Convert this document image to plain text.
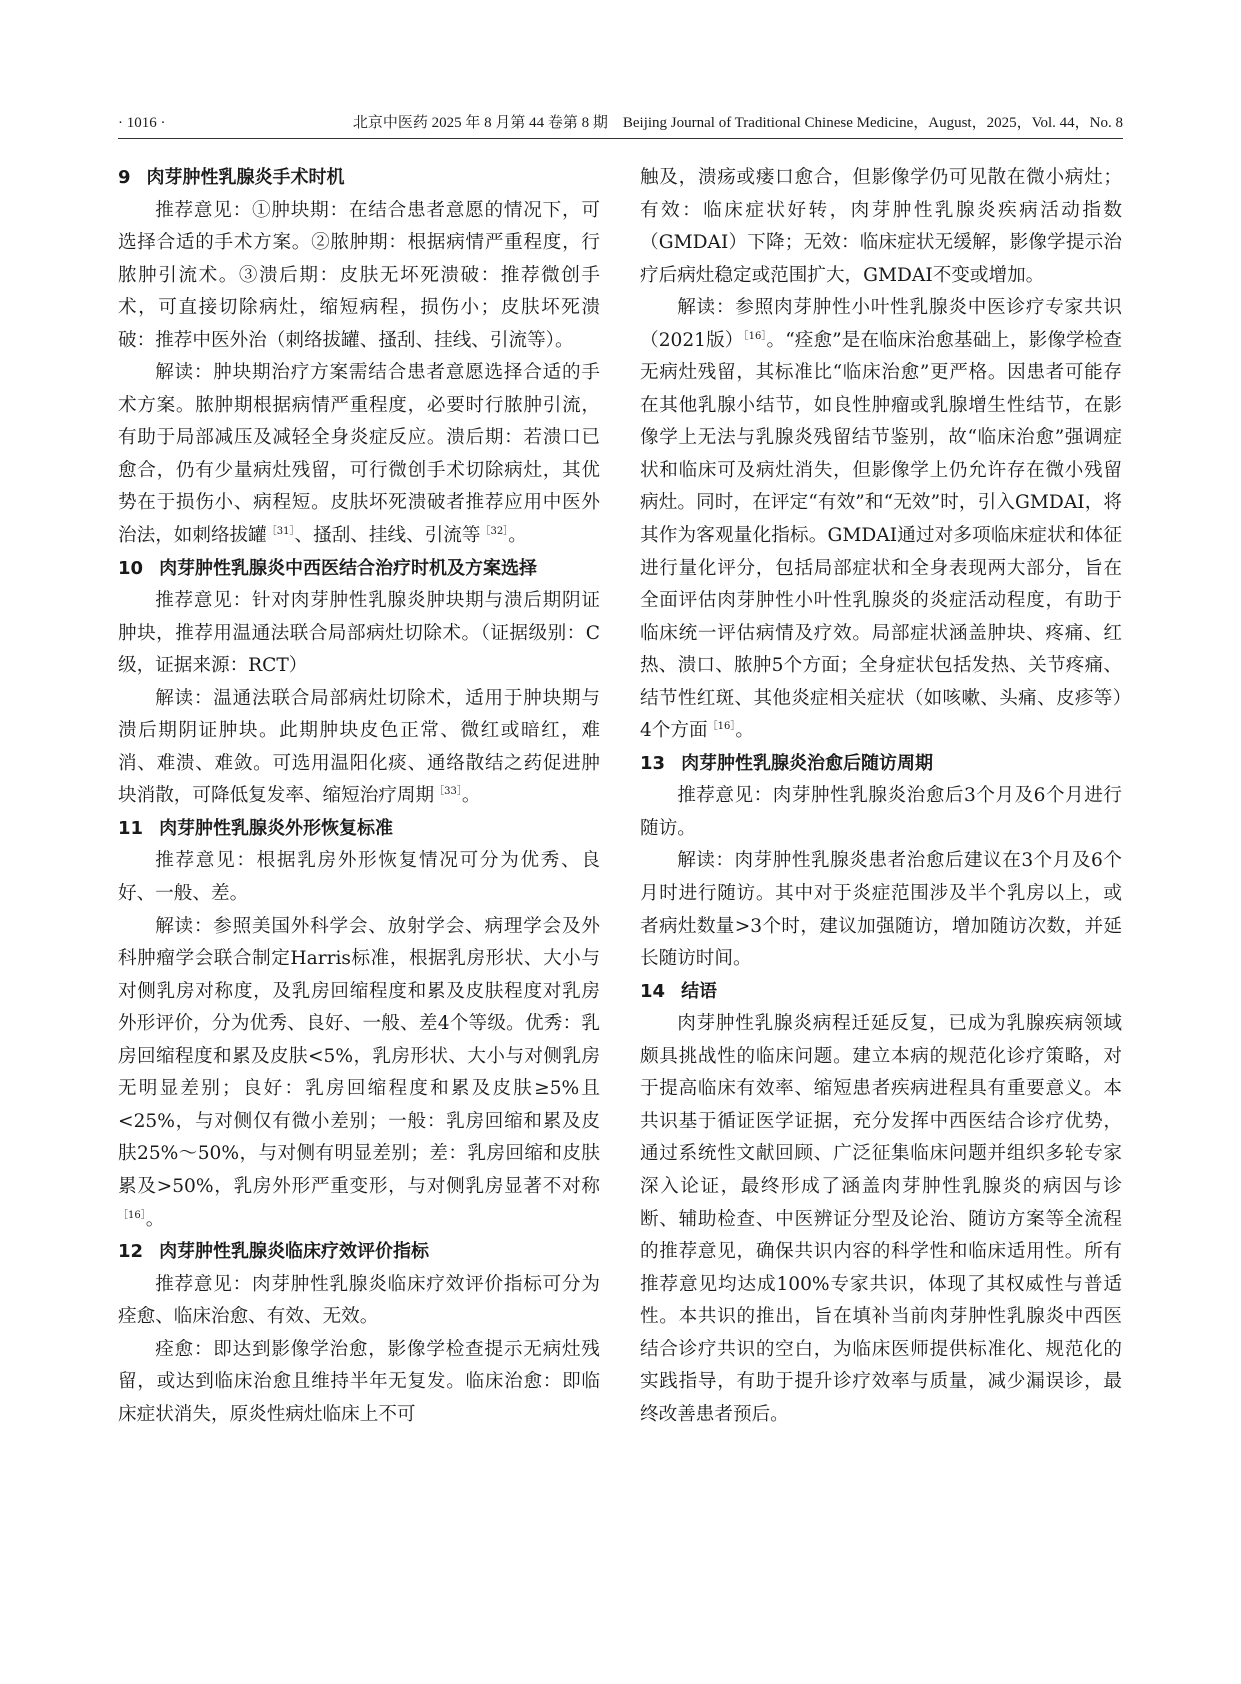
· 1016 ·	北京中医药 2025 年 8 月第 44 卷第 8 期　Beijing Journal of Traditional Chinese Medicine，August，2025，Vol. 44，No. 8
9 肉芽肿性乳腺炎手术时机

推荐意见：①肿块期：在结合患者意愿的情况下，可选择合适的手术方案。②脓肿期：根据病情严重程度，行脓肿引流术。③溃后期：皮肤无坏死溃破：推荐微创手术，可直接切除病灶，缩短病程，损伤小；皮肤坏死溃破：推荐中医外治（刺络拔罐、搔刮、挂线、引流等）。

解读：肿块期治疗方案需结合患者意愿选择合适的手术方案。脓肿期根据病情严重程度，必要时行脓肿引流，有助于局部减压及减轻全身炎症反应。溃后期：若溃口已愈合，仍有少量病灶残留，可行微创手术切除病灶，其优势在于损伤小、病程短。皮肤坏死溃破者推荐应用中医外治法，如刺络拔罐$^{[31]}$、搔刮、挂线、引流等$^{[32]}$。

10 肉芽肿性乳腺炎中西医结合治疗时机及方案选择

推荐意见：针对肉芽肿性乳腺炎肿块期与溃后期阴证肿块，推荐用温通法联合局部病灶切除术。（证据级别：C级，证据来源：RCT）

解读：温通法联合局部病灶切除术，适用于肿块期与溃后期阴证肿块。此期肿块皮色正常、微红或暗红，难消、难溃、难敛。可选用温阳化痰、通络散结之药促进肿块消散，可降低复发率、缩短治疗周期$^{[33]}$。

11 肉芽肿性乳腺炎外形恢复标准

推荐意见：根据乳房外形恢复情况可分为优秀、良好、一般、差。

解读：参照美国外科学会、放射学会、病理学会及外科肿瘤学会联合制定Harris标准，根据乳房形状、大小与对侧乳房对称度，及乳房回缩程度和累及皮肤程度对乳房外形评价，分为优秀、良好、一般、差4个等级。优秀：乳房回缩程度和累及皮肤<5%，乳房形状、大小与对侧乳房无明显差别；良好：乳房回缩程度和累及皮肤≥5%且<25%，与对侧仅有微小差别；一般：乳房回缩和累及皮肤25%～50%，与对侧有明显差别；差：乳房回缩和皮肤累及>50%，乳房外形严重变形，与对侧乳房显著不对称$^{[16]}$。

12 肉芽肿性乳腺炎临床疗效评价指标

推荐意见：肉芽肿性乳腺炎临床疗效评价指标可分为痊愈、临床治愈、有效、无效。

痊愈：即达到影像学治愈，影像学检查提示无病灶残留，或达到临床治愈且维持半年无复发。临床治愈：即临床症状消失，原炎性病灶临床上不可

触及，溃疡或瘘口愈合，但影像学仍可见散在微小病灶；有效：临床症状好转，肉芽肿性乳腺炎疾病活动指数（GMDAI）下降；无效：临床症状无缓解，影像学提示治疗后病灶稳定或范围扩大，GMDAI不变或增加。

解读：参照肉芽肿性小叶性乳腺炎中医诊疗专家共识（2021版）$^{[16]}$。“痊愈”是在临床治愈基础上，影像学检查无病灶残留，其标准比“临床治愈”更严格。因患者可能存在其他乳腺小结节，如良性肿瘤或乳腺增生性结节，在影像学上无法与乳腺炎残留结节鉴别，故“临床治愈”强调症状和临床可及病灶消失，但影像学上仍允许存在微小残留病灶。同时，在评定“有效”和“无效”时，引入GMDAI，将其作为客观量化指标。GMDAI通过对多项临床症状和体征进行量化评分，包括局部症状和全身表现两大部分，旨在全面评估肉芽肿性小叶性乳腺炎的炎症活动程度，有助于临床统一评估病情及疗效。局部症状涵盖肿块、疼痛、红热、溃口、脓肿5个方面；全身症状包括发热、关节疼痛、结节性红斑、其他炎症相关症状（如咳嗽、头痛、皮疹等）4个方面$^{[16]}$。

13 肉芽肿性乳腺炎治愈后随访周期

推荐意见：肉芽肿性乳腺炎治愈后3个月及6个月进行随访。

解读：肉芽肿性乳腺炎患者治愈后建议在3个月及6个月时进行随访。其中对于炎症范围涉及半个乳房以上，或者病灶数量>3个时，建议加强随访，增加随访次数，并延长随访时间。

14 结语

肉芽肿性乳腺炎病程迁延反复，已成为乳腺疾病领域颇具挑战性的临床问题。建立本病的规范化诊疗策略，对于提高临床有效率、缩短患者疾病进程具有重要意义。本共识基于循证医学证据，充分发挥中西医结合诊疗优势，通过系统性文献回顾、广泛征集临床问题并组织多轮专家深入论证，最终形成了涵盖肉芽肿性乳腺炎的病因与诊断、辅助检查、中医辨证分型及论治、随访方案等全流程的推荐意见，确保共识内容的科学性和临床适用性。所有推荐意见均达成100%专家共识，体现了其权威性与普适性。本共识的推出，旨在填补当前肉芽肿性乳腺炎中西医结合诊疗共识的空白，为临床医师提供标准化、规范化的实践指导，有助于提升诊疗效率与质量，减少漏误诊，最终改善患者预后。
